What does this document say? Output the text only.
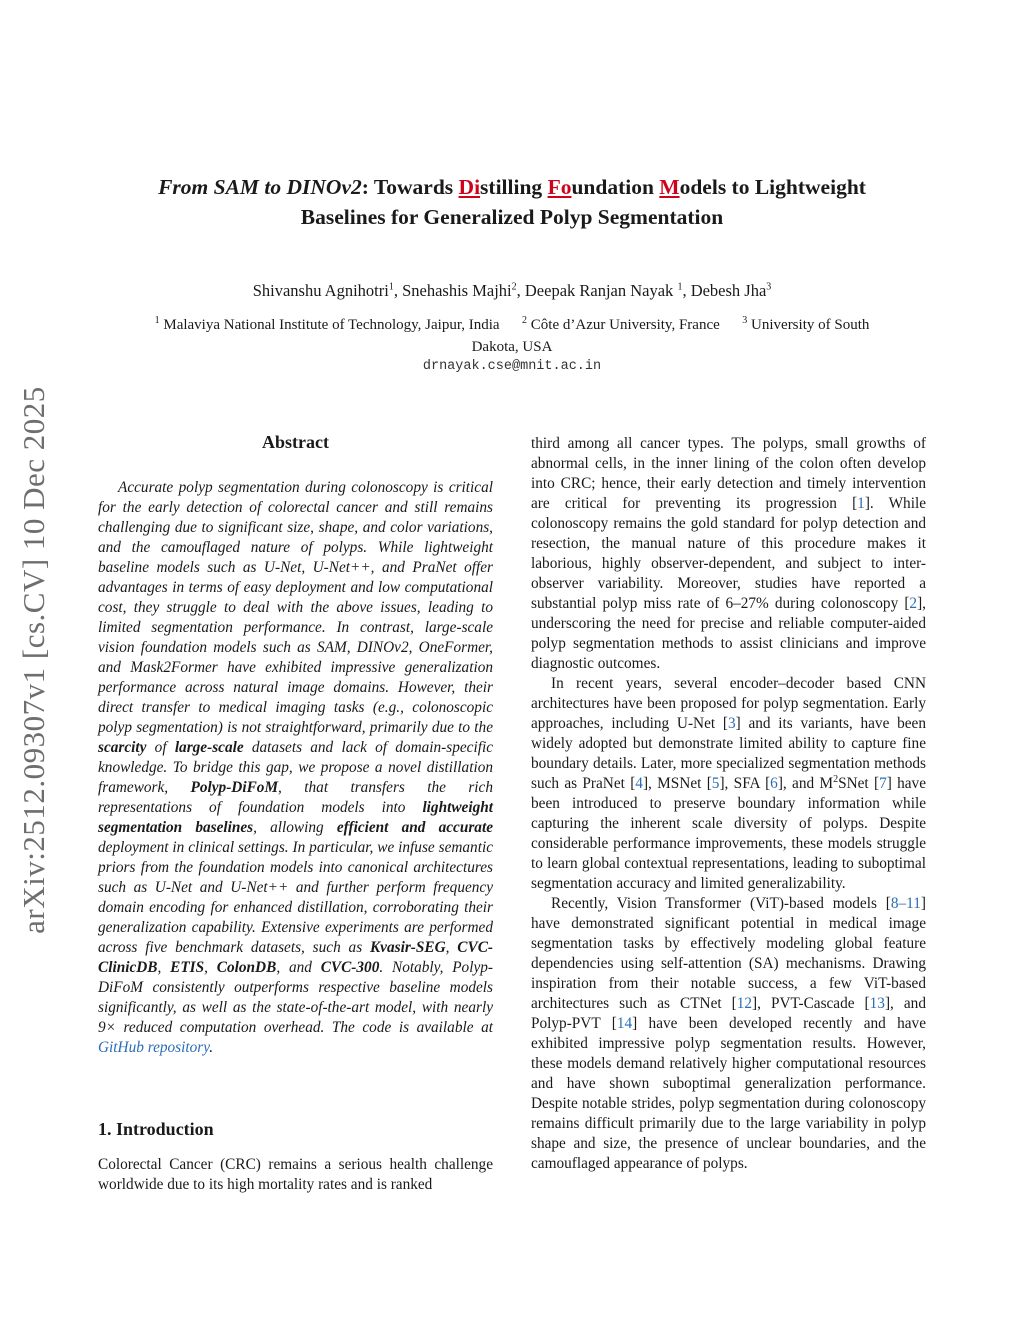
arXiv:2512.09307v1 [cs.CV] 10 Dec 2025
From SAM to DINOv2: Towards Distilling Foundation Models to Lightweight
Baselines for Generalized Polyp Segmentation
Shivanshu Agnihotri$^1$, Snehashis Majhi$^2$, Deepak Ranjan Nayak $^1$, Debesh Jha$^3$
$^1$ Malaviya National Institute of Technology, Jaipur, India $^2$ Côte d’Azur University, France $^3$ University of South Dakota, USA
drnayak.cse@mnit.ac.in
Abstract
Accurate polyp segmentation during colonoscopy is critical for the early detection of colorectal cancer and still remains challenging due to significant size, shape, and color variations, and the camouflaged nature of polyps. While lightweight baseline models such as U-Net, U-Net++, and PraNet offer advantages in terms of easy deployment and low computational cost, they struggle to deal with the above issues, leading to limited segmentation performance. In contrast, large-scale vision foundation models such as SAM, DINOv2, OneFormer, and Mask2Former have exhibited impressive generalization performance across natural image domains. However, their direct transfer to medical imaging tasks (e.g., colonoscopic polyp segmentation) is not straightforward, primarily due to the scarcity of large-scale datasets and lack of domain-specific knowledge. To bridge this gap, we propose a novel distillation framework, Polyp-DiFoM, that transfers the rich representations of foundation models into lightweight segmentation baselines, allowing efficient and accurate deployment in clinical settings. In particular, we infuse semantic priors from the foundation models into canonical architectures such as U-Net and U-Net++ and further perform frequency domain encoding for enhanced distillation, corroborating their generalization capability. Extensive experiments are performed across five benchmark datasets, such as Kvasir-SEG, CVC-ClinicDB, ETIS, ColonDB, and CVC-300. Notably, Polyp-DiFoM consistently outperforms respective baseline models significantly, as well as the state-of-the-art model, with nearly 9× reduced computation overhead. The code is available at GitHub repository.
1. Introduction
Colorectal Cancer (CRC) remains a serious health challenge worldwide due to its high mortality rates and is ranked

third among all cancer types. The polyps, small growths of abnormal cells, in the inner lining of the colon often develop into CRC; hence, their early detection and timely intervention are critical for preventing its progression [1]. While colonoscopy remains the gold standard for polyp detection and resection, the manual nature of this procedure makes it laborious, highly observer-dependent, and subject to inter-observer variability. Moreover, studies have reported a substantial polyp miss rate of 6–27% during colonoscopy [2], underscoring the need for precise and reliable computer-aided polyp segmentation methods to assist clinicians and improve diagnostic outcomes.

In recent years, several encoder–decoder based CNN architectures have been proposed for polyp segmentation. Early approaches, including U-Net [3] and its variants, have been widely adopted but demonstrate limited ability to capture fine boundary details. Later, more specialized segmentation methods such as PraNet [4], MSNet [5], SFA [6], and $M^2SNet$ [7] have been introduced to preserve boundary information while capturing the inherent scale diversity of polyps. Despite considerable performance improvements, these models struggle to learn global contextual representations, leading to suboptimal segmentation accuracy and limited generalizability.

Recently, Vision Transformer (ViT)-based models [8–11] have demonstrated significant potential in medical image segmentation tasks by effectively modeling global feature dependencies using self-attention (SA) mechanisms. Drawing inspiration from their notable success, a few ViT-based architectures such as CTNet [12], PVT-Cascade [13], and Polyp-PVT [14] have been developed recently and have exhibited impressive polyp segmentation results. However, these models demand relatively higher computational resources and have shown suboptimal generalization performance. Despite notable strides, polyp segmentation during colonoscopy remains difficult primarily due to the large variability in polyp shape and size, the presence of unclear boundaries, and the camouflaged appearance of polyps.
